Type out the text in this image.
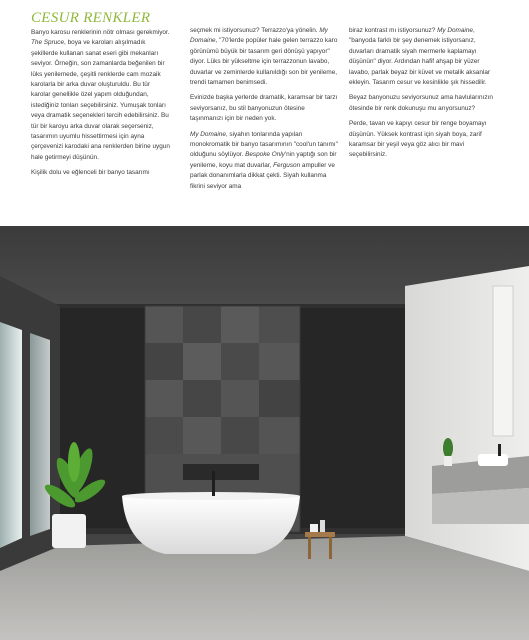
CESUR RENKLER

Banyo karosu renklerinin nötr olması gerekmiyor. The Spruce, boya ve karoları alışılmadık şekillerde kullanan sanat eseri gibi mekanları seviyor. Örneğin, son zamanlarda beğenilen bir lüks yenilemede, çeşitli renklerde cam mozaik karolarla bir arka duvar oluşturuldu. Bu tür karolar genellikle özel yapım olduğundan, istediğiniz tonları seçebilirsiniz. Yumuşak tonları veya dramatik seçenekleri tercih edebilirsiniz. Bu tür bir karoyu arka duvar olarak seçerseniz, tasarımın uyumlu hissettirmesi için ayna çerçevenizi karodaki ana renklerden birine uygun hale getirmeyi düşünün.

Kişilik dolu ve eğlenceli bir banyo tasarımı

seçmek mi istiyorsunuz? Terrazzo'ya yönelin. My Domaine, "70'lerde popüler hale gelen terrazzo karo görünümü büyük bir tasarım geri dönüşü yapıyor" diyor. Lüks bir yükseltme için terrazzonun lavabo, duvarlar ve zeminlerde kullanıldığı son bir yenileme, trendi tamamen benimsedi.

Evinizde başka yerlerde dramatik, karamsar bir tarzı seviyorsanız, bu stil banyonuzun ötesine taşınmanızı için bir neden yok.

My Domaine, siyahın tonlarında yapılan monokromatik bir banyo tasarımının "cool'un tanımı" olduğunu söylüyor. Bespoke Only'nin yaptığı son bir yenileme, koyu mat duvarlar, Ferguson ampuller ve parlak donanımlarla dikkat çekti. Siyah kullanma fikrini seviyor ama

biraz kontrast mı istiyorsunuz? My Domaine, "banyoda farklı bir şey denemek istiyorsanız, duvarları dramatik siyah mermerle kaplamayı düşünün" diyor. Ardından hafif ahşap bir yüzer lavabo, parlak beyaz bir küvet ve metalik aksanlar ekleyin. Tasarım cesur ve kesinlikle şık hissedilir.

Beyaz banyonuzu seviyorsunuz ama havlularınızın ötesinde bir renk dokunuşu mu arıyorsunuz?

Perde, tavan ve kapıyı cesur bir renge boyamayı düşünün. Yüksek kontrast için siyah boya, zarif karamsar bir yeşil veya göz alıcı bir mavi seçebilirsiniz.
